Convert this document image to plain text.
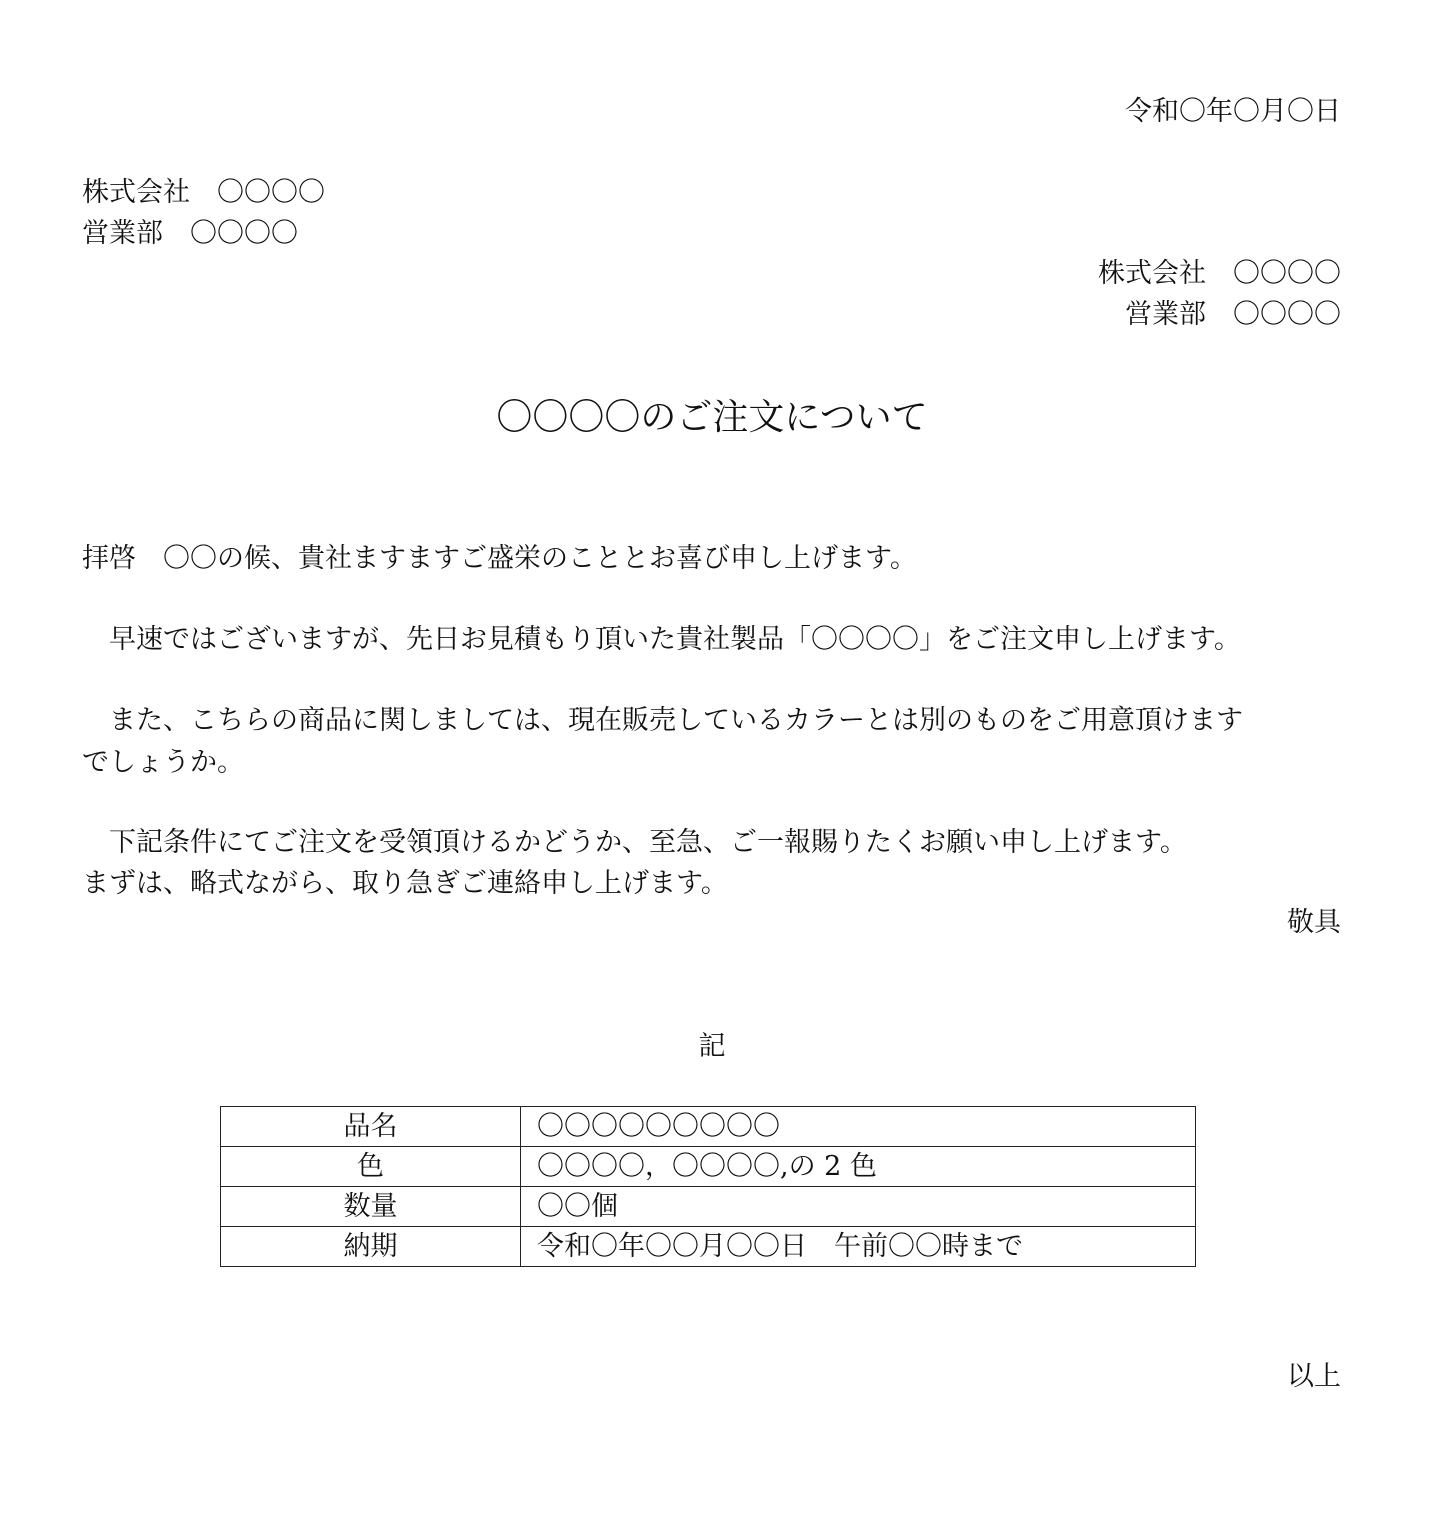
令和〇年〇月〇日
株式会社　〇〇〇〇
営業部　〇〇〇〇
株式会社　〇〇〇〇
営業部　〇〇〇〇
〇〇〇〇のご注文について
拝啓　〇〇の候、貴社ますますご盛栄のこととお喜び申し上げます。
　早速ではございますが、先日お見積もり頂いた貴社製品「〇〇〇〇」をご注文申し上げます。
　また、こちらの商品に関しましては、現在販売しているカラーとは別のものをご用意頂けます
でしょうか。
　下記条件にてご注文を受領頂けるかどうか、至急、ご一報賜りたくお願い申し上げます。
まずは、略式ながら、取り急ぎご連絡申し上げます。
敬具
記
品名	〇〇〇〇〇〇〇〇〇
色	〇〇〇〇，〇〇〇〇,の 2 色
数量	〇〇個
納期	令和〇年〇〇月〇〇日　午前〇〇時まで
以上
